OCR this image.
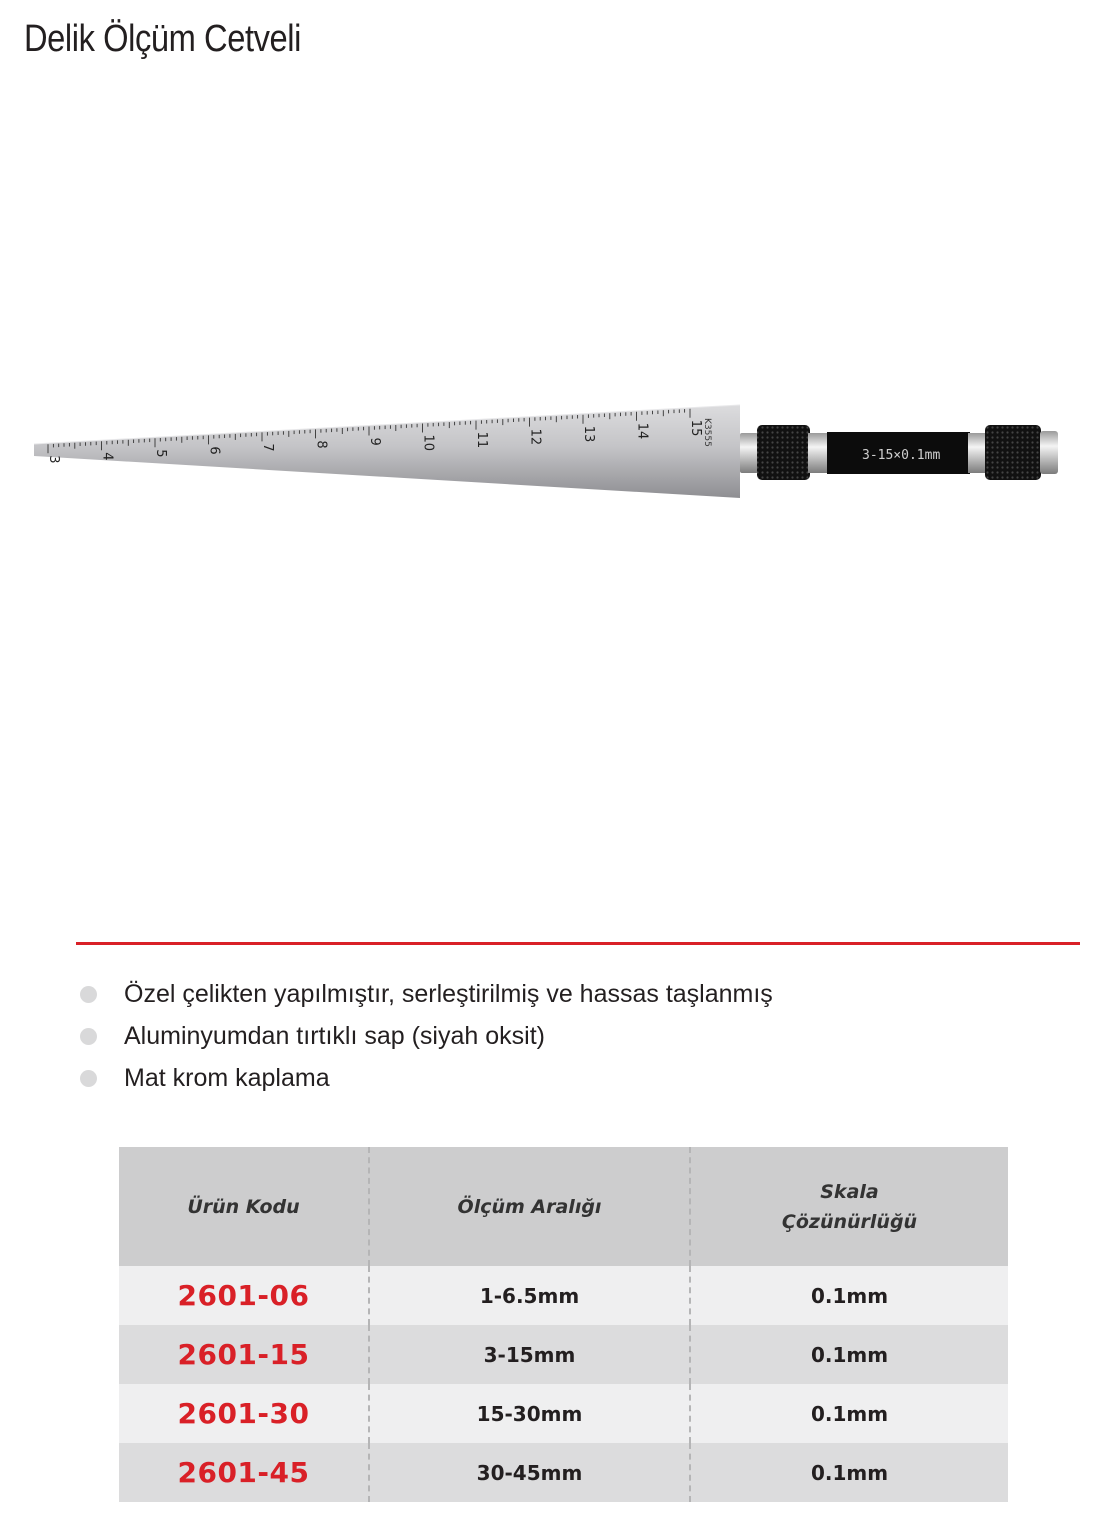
Delik Ölçüm Cetveli
3	4	5	6	7	8	9	10	11	12	13	14	15 K3555
3-15×0.1mm
Özel çelikten yapılmıştır, serleştirilmiş ve hassas taşlanmış
Aluminyumdan tırtıklı sap (siyah oksit)
Mat krom kaplama
Ürün Kodu	Ölçüm Aralığı	Skala
Çözünürlüğü
2601-06	1-6.5mm	0.1mm
2601-15	3-15mm	0.1mm
2601-30	15-30mm	0.1mm
2601-45	30-45mm	0.1mm
